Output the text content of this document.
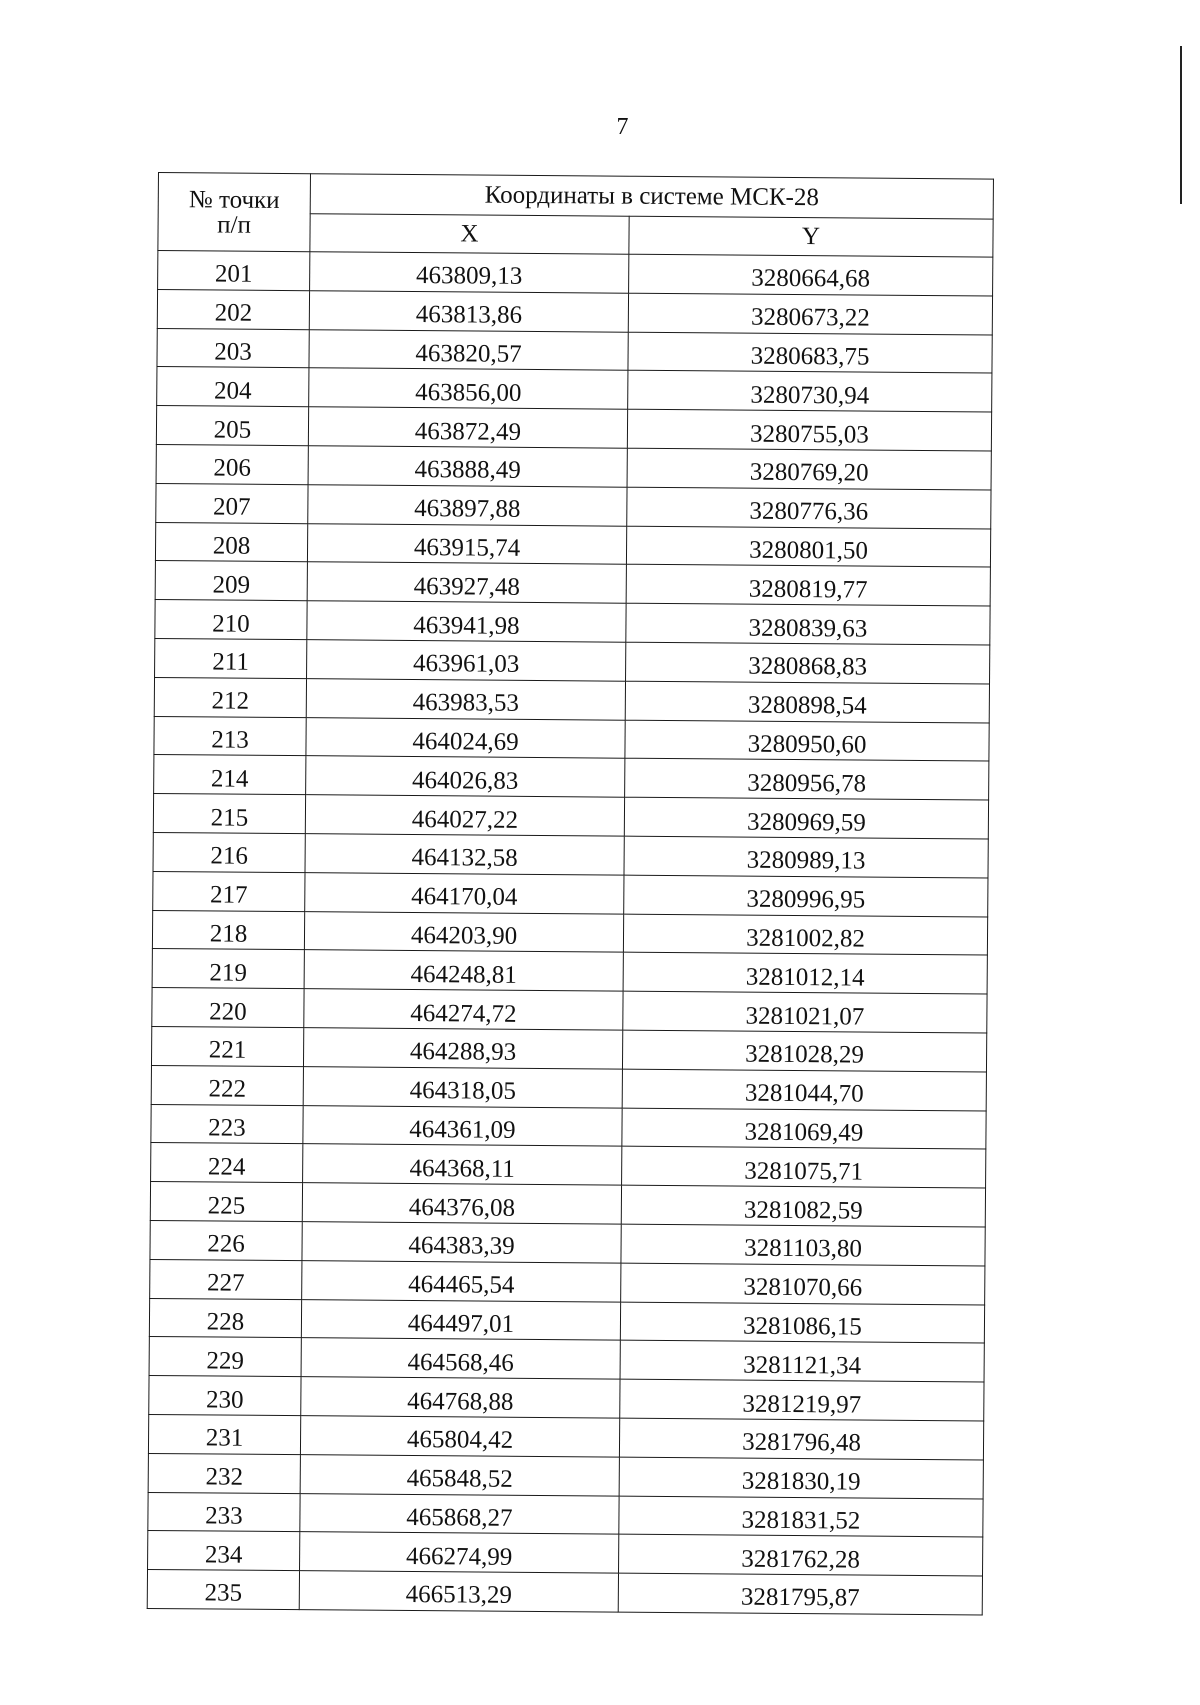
7
№ точки
п/п	Координаты в системе МСК-28	
	X	Y
201	463809,13	3280664,68
202	463813,86	3280673,22
203	463820,57	3280683,75
204	463856,00	3280730,94
205	463872,49	3280755,03
206	463888,49	3280769,20
207	463897,88	3280776,36
208	463915,74	3280801,50
209	463927,48	3280819,77
210	463941,98	3280839,63
211	463961,03	3280868,83
212	463983,53	3280898,54
213	464024,69	3280950,60
214	464026,83	3280956,78
215	464027,22	3280969,59
216	464132,58	3280989,13
217	464170,04	3280996,95
218	464203,90	3281002,82
219	464248,81	3281012,14
220	464274,72	3281021,07
221	464288,93	3281028,29
222	464318,05	3281044,70
223	464361,09	3281069,49
224	464368,11	3281075,71
225	464376,08	3281082,59
226	464383,39	3281103,80
227	464465,54	3281070,66
228	464497,01	3281086,15
229	464568,46	3281121,34
230	464768,88	3281219,97
231	465804,42	3281796,48
232	465848,52	3281830,19
233	465868,27	3281831,52
234	466274,99	3281762,28
235	466513,29	3281795,87
